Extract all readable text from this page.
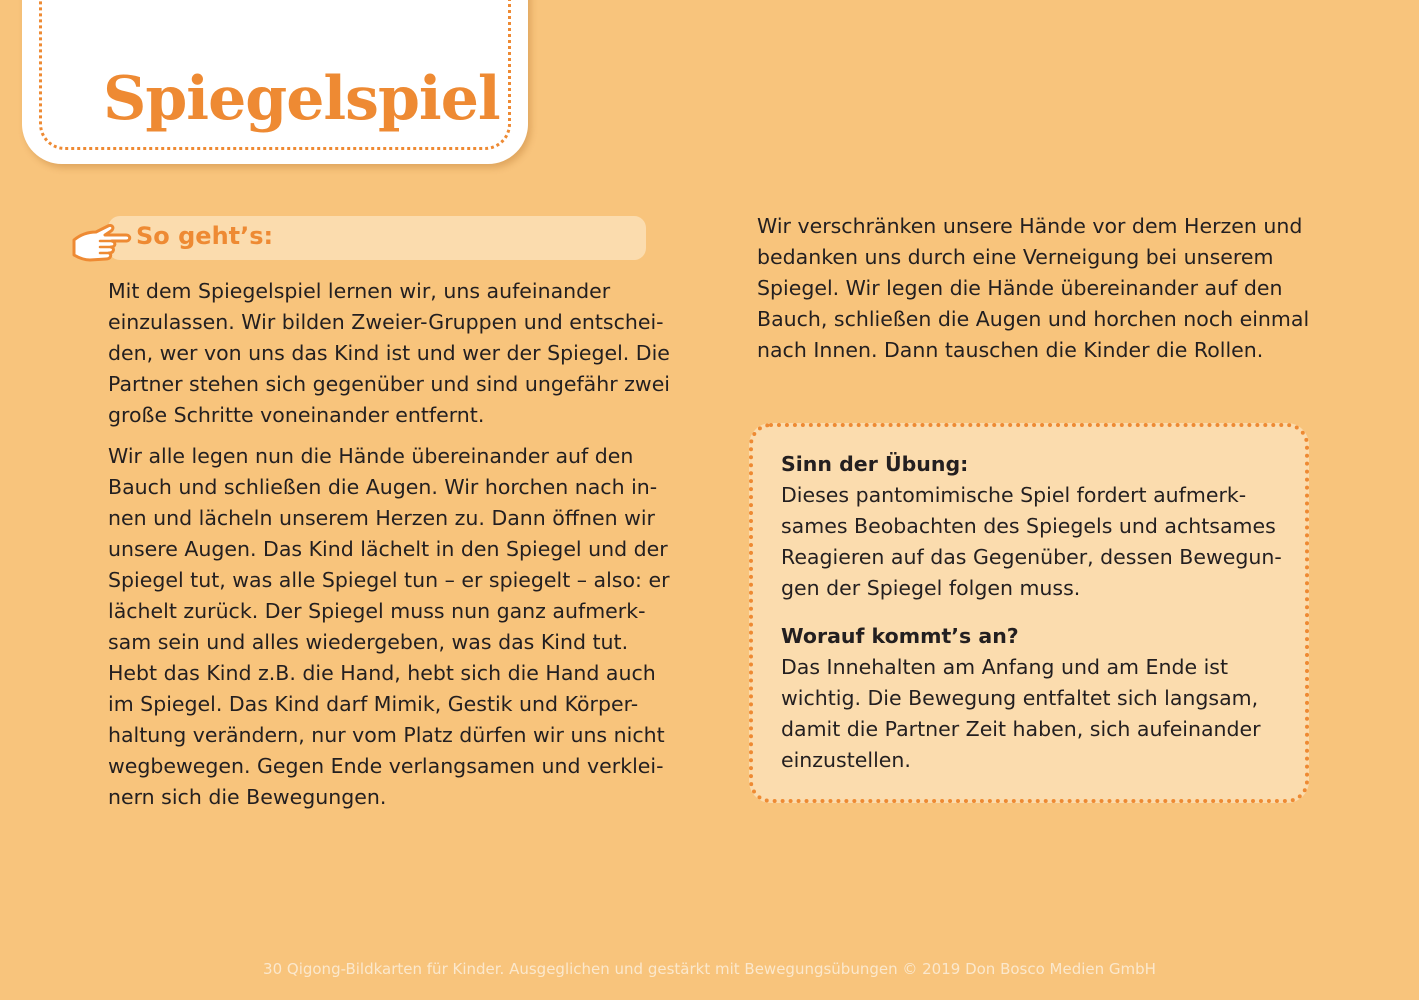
Spiegelspiel

So geht’s:

Mit dem Spiegelspiel lernen wir, uns aufeinander einzulassen. Wir bilden Zweier-Gruppen und entschei-den, wer von uns das Kind ist und wer der Spiegel. Die Partner stehen sich gegenüber und sind ungefähr zwei große Schritte voneinander entfernt.

Wir alle legen nun die Hände übereinander auf den Bauch und schließen die Augen. Wir horchen nach in-nen und lächeln unserem Herzen zu. Dann öffnen wir unsere Augen. Das Kind lächelt in den Spiegel und der Spiegel tut, was alle Spiegel tun – er spiegelt – also: er lächelt zurück. Der Spiegel muss nun ganz aufmerk-sam sein und alles wiedergeben, was das Kind tut. Hebt das Kind z.B. die Hand, hebt sich die Hand auch im Spiegel. Das Kind darf Mimik, Gestik und Körper-haltung verändern, nur vom Platz dürfen wir uns nicht wegbewegen. Gegen Ende verlangsamen und verklei-nern sich die Bewegungen.

Wir verschränken unsere Hände vor dem Herzen und bedanken uns durch eine Verneigung bei unserem Spiegel. Wir legen die Hände übereinander auf den Bauch, schließen die Augen und horchen noch einmal nach Innen. Dann tauschen die Kinder die Rollen.

Sinn der Übung:

Dieses pantomimische Spiel fordert aufmerk-sames Beobachten des Spiegels und achtsames Reagieren auf das Gegenüber, dessen Bewegun-gen der Spiegel folgen muss.

Worauf kommt’s an?

Das Innehalten am Anfang und am Ende ist wichtig. Die Bewegung entfaltet sich langsam, damit die Partner Zeit haben, sich aufeinander einzustellen.

30 Qigong-Bildkarten für Kinder. Ausgeglichen und gestärkt mit Bewegungsübungen © 2019 Don Bosco Medien GmbH
